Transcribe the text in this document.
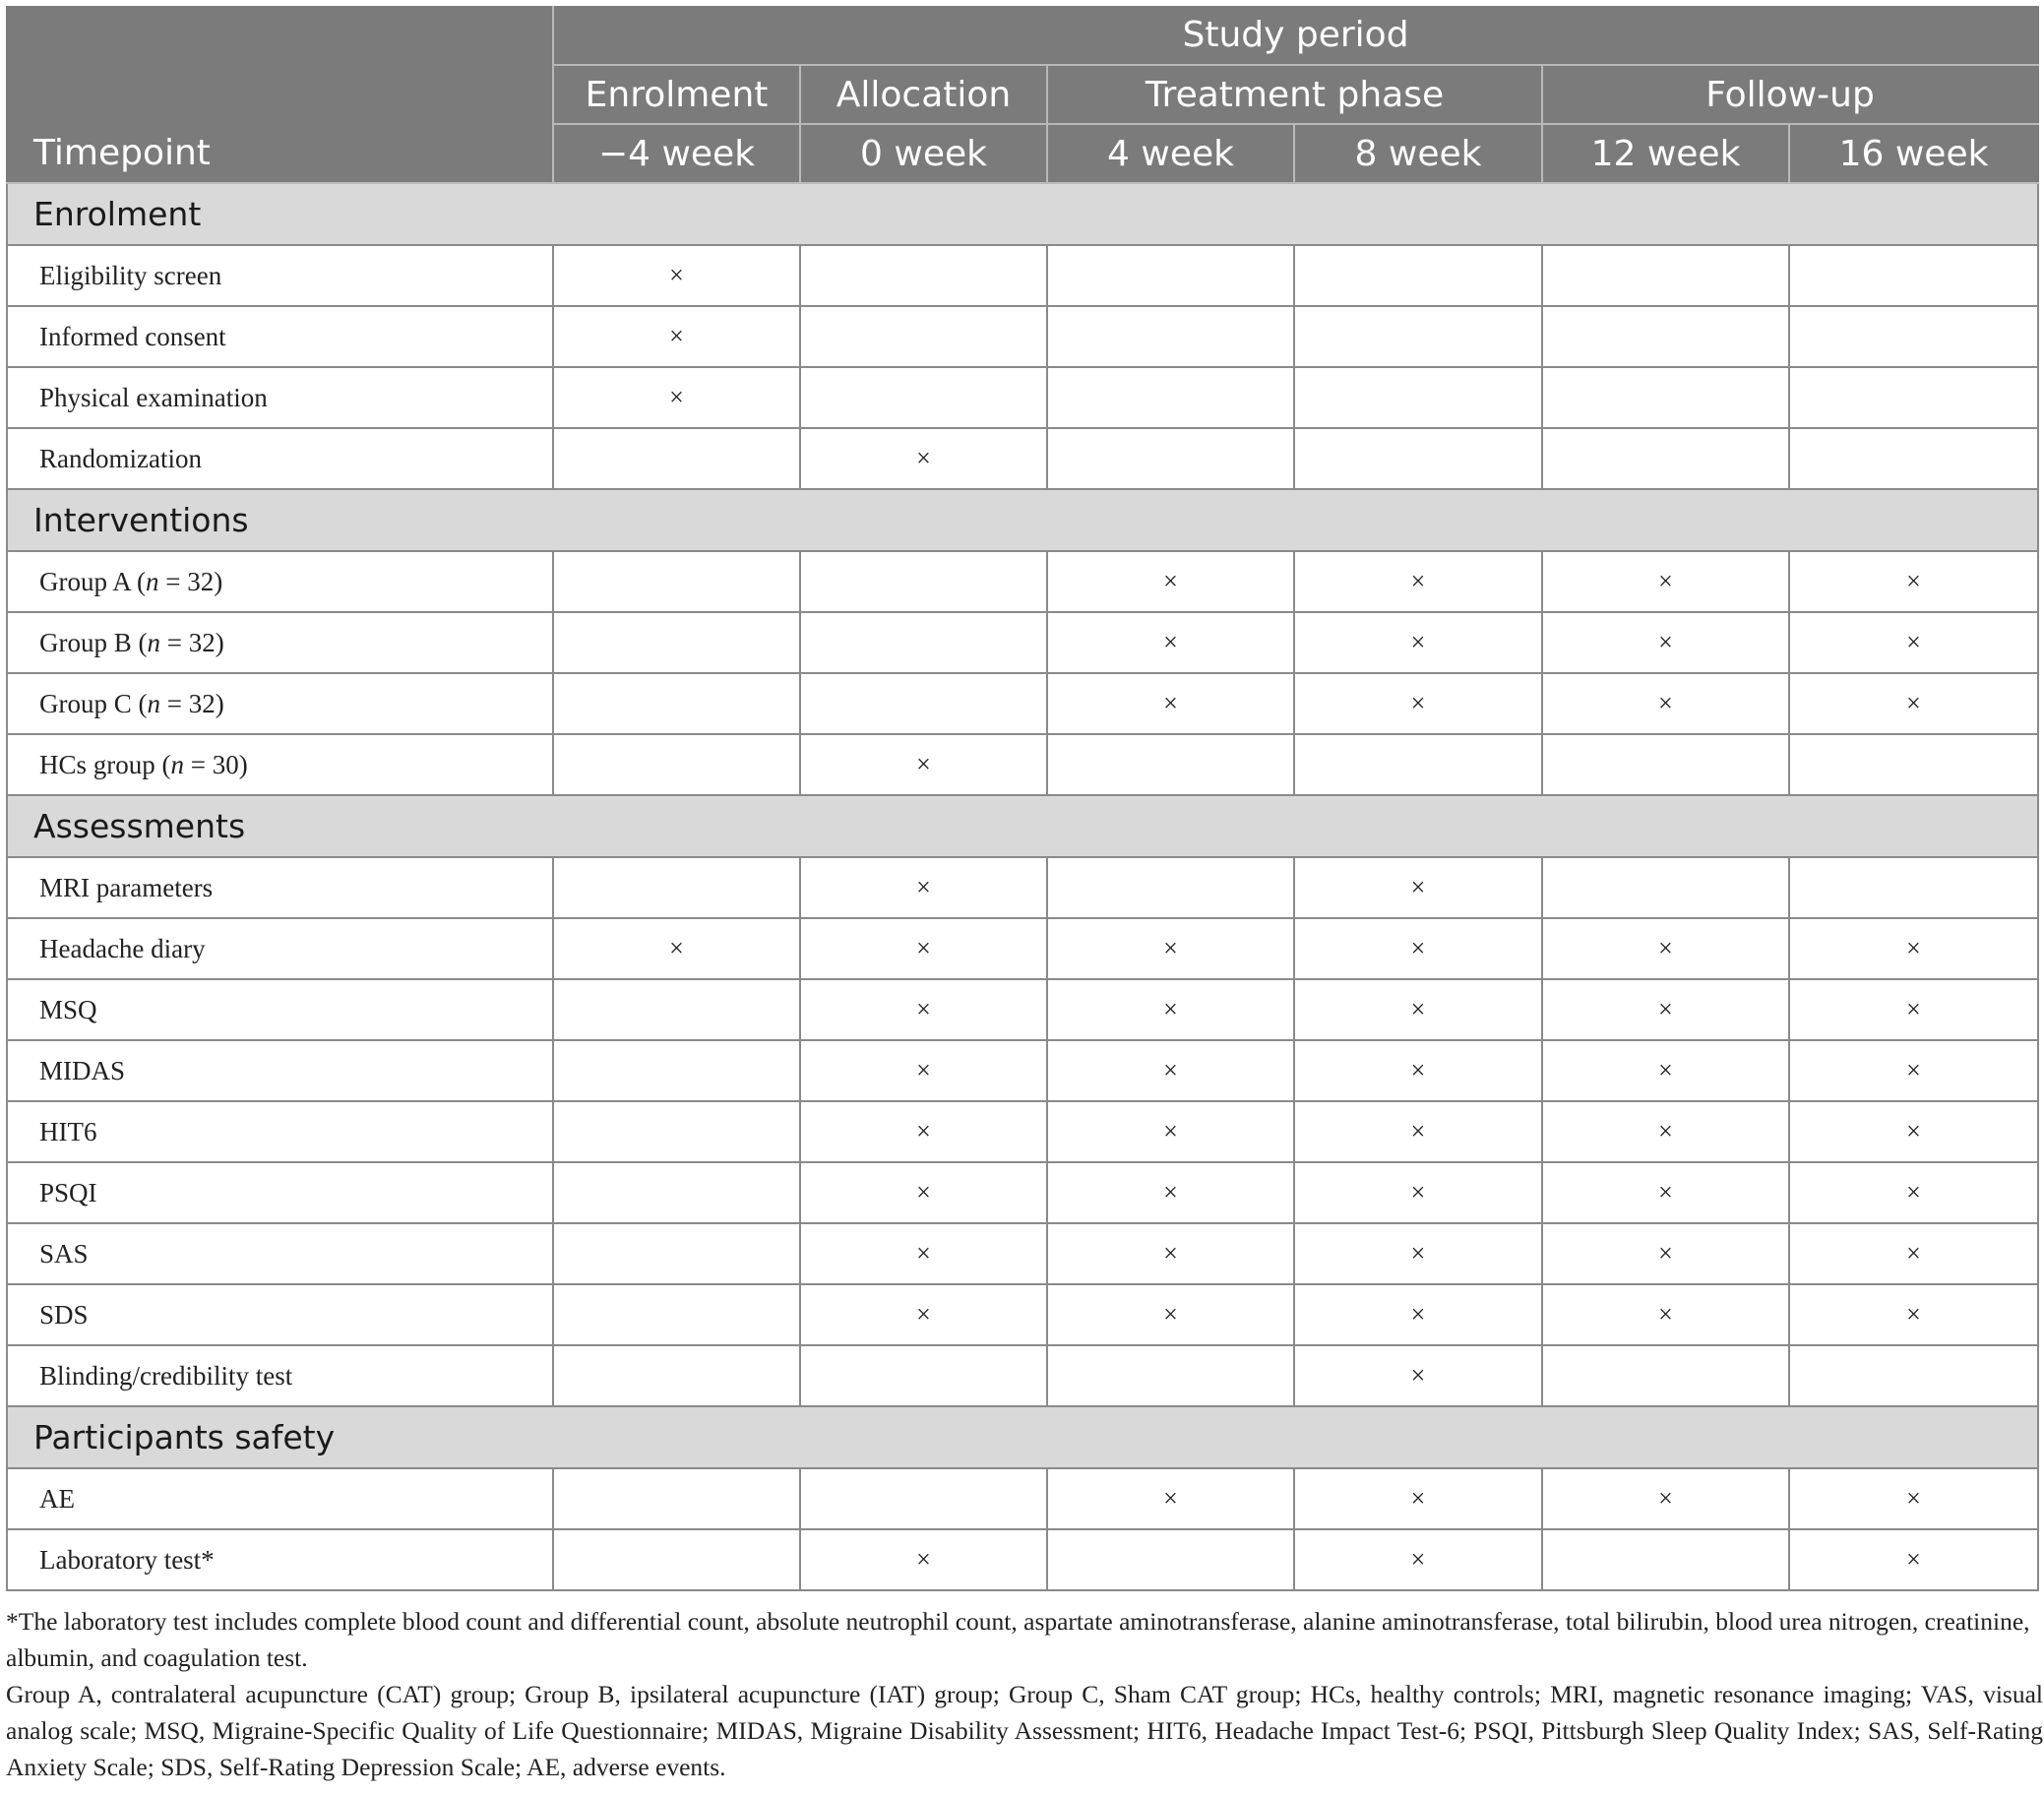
	Study period					
	Enrolment	Allocation	Treatment phase		Follow-up	
Timepoint	−4 week	0 week	4 week	8 week	12 week	16 week
Enrolment						
Eligibility screen	×					
Informed consent	×					
Physical examination	×					
Randomization		×				
Interventions						
Group A (n = 32)			×	×	×	×
Group B (n = 32)			×	×	×	×
Group C (n = 32)			×	×	×	×
HCs group (n = 30)		×				
Assessments						
MRI parameters		×		×		
Headache diary	×	×	×	×	×	×
MSQ		×	×	×	×	×
MIDAS		×	×	×	×	×
HIT6		×	×	×	×	×
PSQI		×	×	×	×	×
SAS		×	×	×	×	×
SDS		×	×	×	×	×
Blinding/credibility test				×		
Participants safety						
AE			×	×	×	×
Laboratory test*		×		×		×

*The laboratory test includes complete blood count and differential count, absolute neutrophil count, aspartate aminotransferase, alanine aminotransferase, total bilirubin, blood urea nitrogen, creatinine, albumin, and coagulation test.

Group A, contralateral acupuncture (CAT) group; Group B, ipsilateral acupuncture (IAT) group; Group C, Sham CAT group; HCs, healthy controls; MRI, magnetic resonance imaging; VAS, visual analog scale; MSQ, Migraine-Specific Quality of Life Questionnaire; MIDAS, Migraine Disability Assessment; HIT6, Headache Impact Test-6; PSQI, Pittsburgh Sleep Quality Index; SAS, Self-Rating Anxiety Scale; SDS, Self-Rating Depression Scale; AE, adverse events.
